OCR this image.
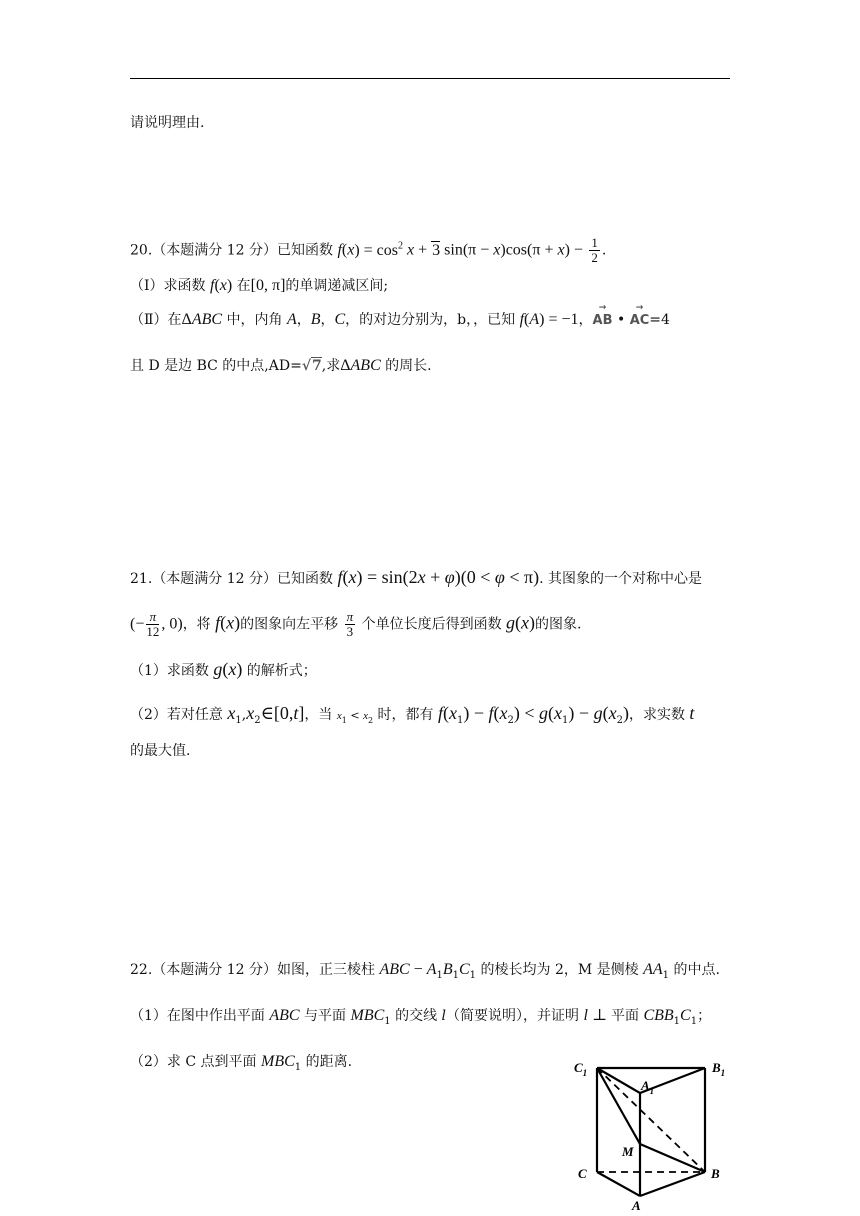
请说明理由.
20.（本题满分 12 分）已知函数 $f(x) = \cos^2 x + 3$ $\sin(\pi - x)\cos(\pi + x) - \frac{1}{2}$ .
（Ⅰ）求函数 f(x) 在[0, π]的单调递减区间;
（Ⅱ）在ΔABC 中，内角 A，B，C，的对边分别为，b，，已知 f(A) = −1，→ AB • → AC=4
且 D 是边 BC 的中点,AD=√7,求ΔABC 的周长.
21.（本题满分 12 分）已知函数 f(x) = sin(2x + φ)(0 < φ < π). 其图象的一个对称中心是
(− $\frac{\pi}{12}$ , 0)，将 f(x)的图象向左平移 $\frac{\pi}{3}$ 个单位长度后得到函数 g(x)的图象.
（1）求函数 g(x) 的解析式；
（2）若对任意 $x_1,x_2\in[0,t]$，当 $x_1 < x_2$ 时，都有 $f(x_1) - f(x_2) < g(x_1) - g(x_2)$，求实数 t
的最大值.
22.（本题满分 12 分）如图，正三棱柱 ABC − $A_1B_1C_1$ 的棱长均为 2，M 是侧棱 $AA_1$ 的中点.
（1）在图中作出平面 ABC 与平面 $MBC_1$ 的交线 l（简要说明），并证明 l ⊥ 平面 $CBB_1C_1$；
（2）求 C 点到平面 $MBC_1$ 的距离.	$C_1$
$A_1$
$B_1$
M
C	B
A
